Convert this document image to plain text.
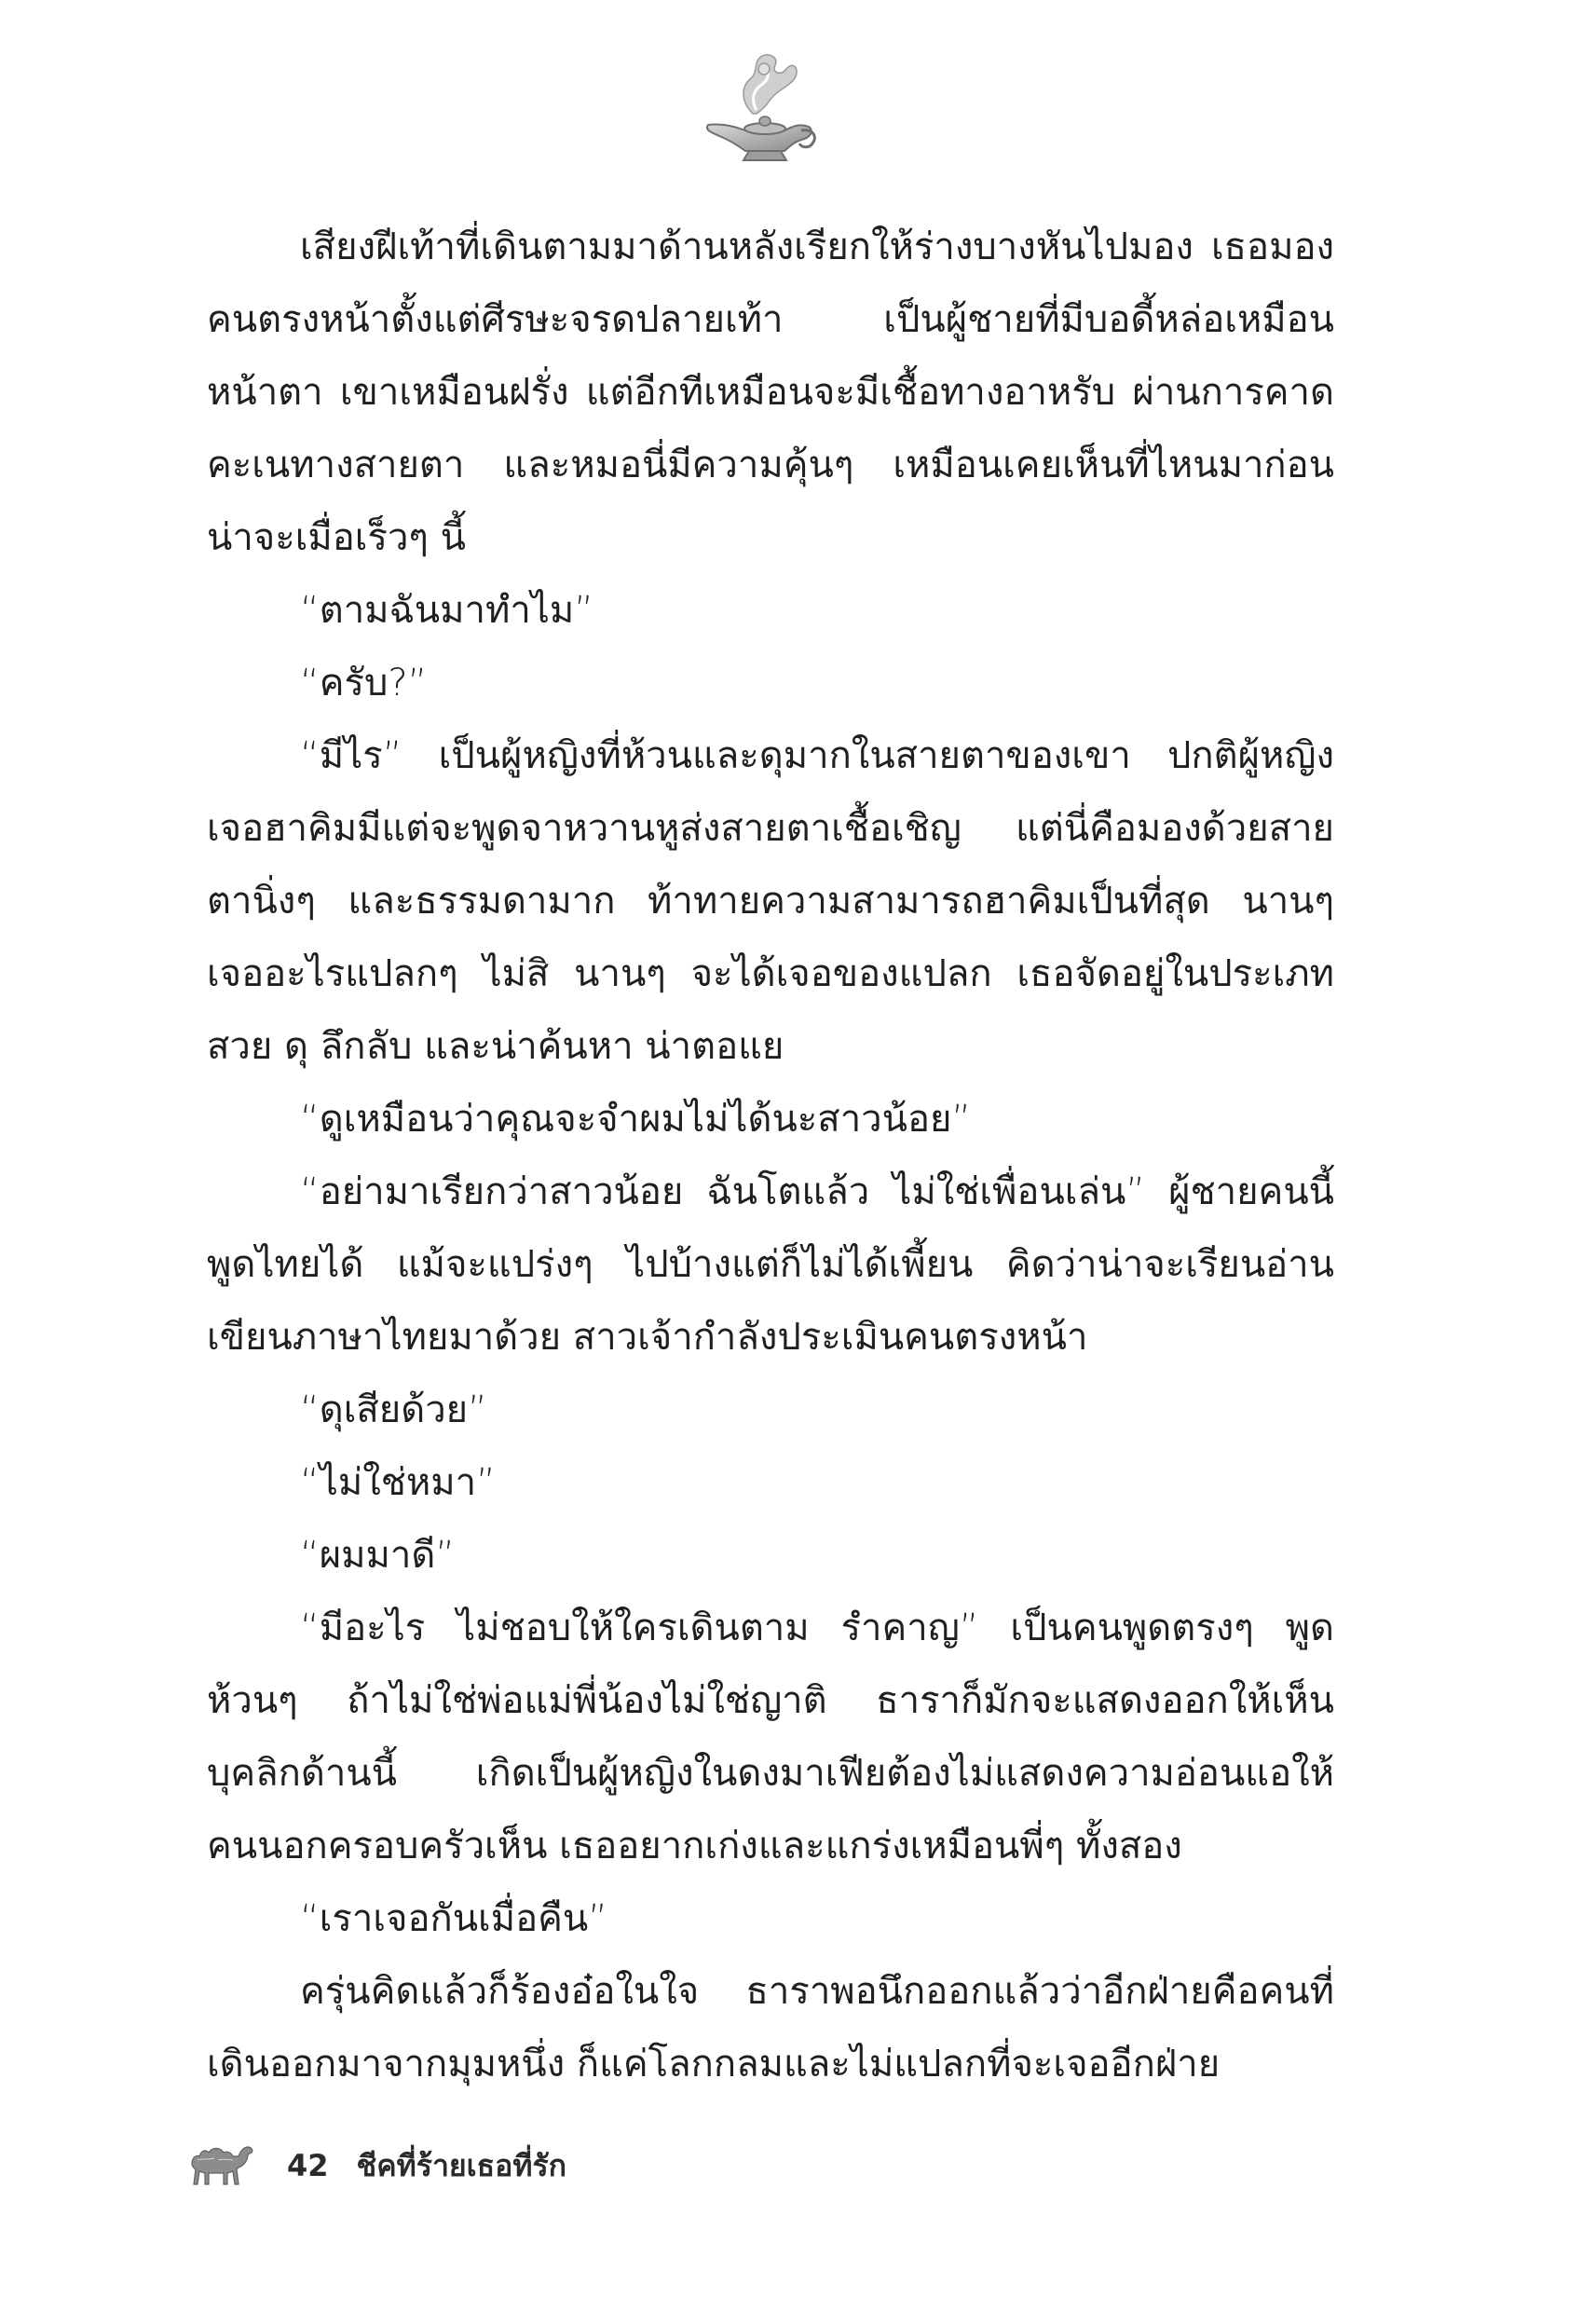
เสียงฝีเท้าที่เดินตามมาด้านหลังเรียกให้ร่างบางหันไปมอง เธอมองคนตรงหน้าตั้งแต่ศีรษะจรดปลายเท้า เป็นผู้ชายที่มีบอดี้หล่อเหมือนหน้าตา เขาเหมือนฝรั่ง แต่อีกทีเหมือนจะมีเชื้อทางอาหรับ ผ่านการคาดคะเนทางสายตา และหมอนี่มีความคุ้นๆ เหมือนเคยเห็นที่ไหนมาก่อน น่าจะเมื่อเร็วๆ นี้

“ตามฉันมาทำไม”

“ครับ?”

“มีไร” เป็นผู้หญิงที่ห้วนและดุมากในสายตาของเขา ปกติผู้หญิงเจอฮาคิมมีแต่จะพูดจาหวานหูส่งสายตาเชื้อเชิญ แต่นี่คือมองด้วยสายตานิ่งๆ และธรรมดามาก ท้าทายความสามารถฮาคิมเป็นที่สุด นานๆ เจออะไรแปลกๆ ไม่สิ นานๆ จะได้เจอของแปลก เธอจัดอยู่ในประเภทสวย ดุ ลึกลับ และน่าค้นหา น่าตอแย

“ดูเหมือนว่าคุณจะจำผมไม่ได้นะสาวน้อย”

“อย่ามาเรียกว่าสาวน้อย ฉันโตแล้ว ไม่ใช่เพื่อนเล่น” ผู้ชายคนนี้พูดไทยได้ แม้จะแปร่งๆ ไปบ้างแต่ก็ไม่ได้เพี้ยน คิดว่าน่าจะเรียนอ่านเขียนภาษาไทยมาด้วย สาวเจ้ากำลังประเมินคนตรงหน้า

“ดุเสียด้วย”

“ไม่ใช่หมา”

“ผมมาดี”

“มีอะไร ไม่ชอบให้ใครเดินตาม รำคาญ” เป็นคนพูดตรงๆ พูดห้วนๆ ถ้าไม่ใช่พ่อแม่พี่น้องไม่ใช่ญาติ ธาราก็มักจะแสดงออกให้เห็นบุคลิกด้านนี้ เกิดเป็นผู้หญิงในดงมาเฟียต้องไม่แสดงความอ่อนแอให้คนนอกครอบครัวเห็น เธออยากเก่งและแกร่งเหมือนพี่ๆ ทั้งสอง

“เราเจอกันเมื่อคืน”

ครุ่นคิดแล้วก็ร้องอ๋อในใจ ธาราพอนึกออกแล้วว่าอีกฝ่ายคือคนที่เดินออกมาจากมุมหนึ่ง ก็แค่โลกกลมและไม่แปลกที่จะเจออีกฝ่าย

42 ชีคที่ร้ายเธอที่รัก
